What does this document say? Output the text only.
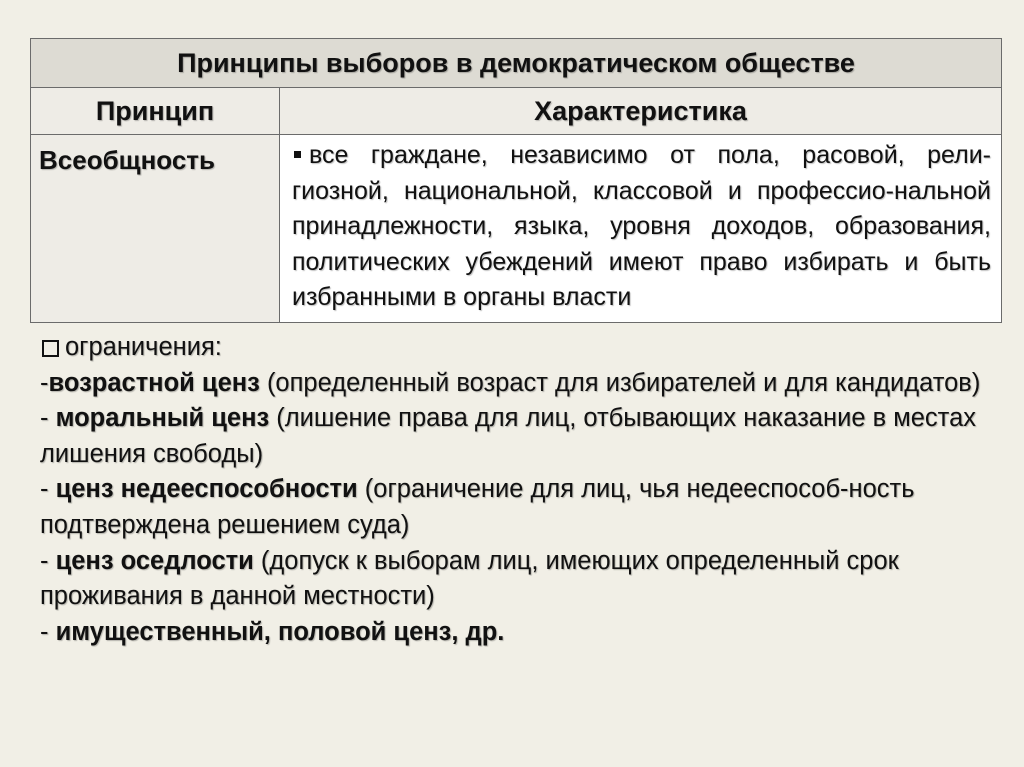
Принципы выборов в демократическом обществе	
Принцип	Характеристика
Всеобщность	все граждане, независимо от пола, расовой, рели-гиозной, национальной, классовой и профессио-нальной принадлежности, языка, уровня доходов, образования, политических убеждений имеют право избирать и быть избранными в органы власти

ограничения:

-возрастной ценз (определенный возраст для избирателей и для кандидатов)

- моральный ценз (лишение права для лиц, отбывающих наказание в местах лишения свободы)

- ценз недееспособности (ограничение для лиц, чья недееспособ-ность подтверждена решением суда)

- ценз оседлости (допуск к выборам лиц, имеющих определенный срок проживания в данной местности)

- имущественный, половой ценз, др.
